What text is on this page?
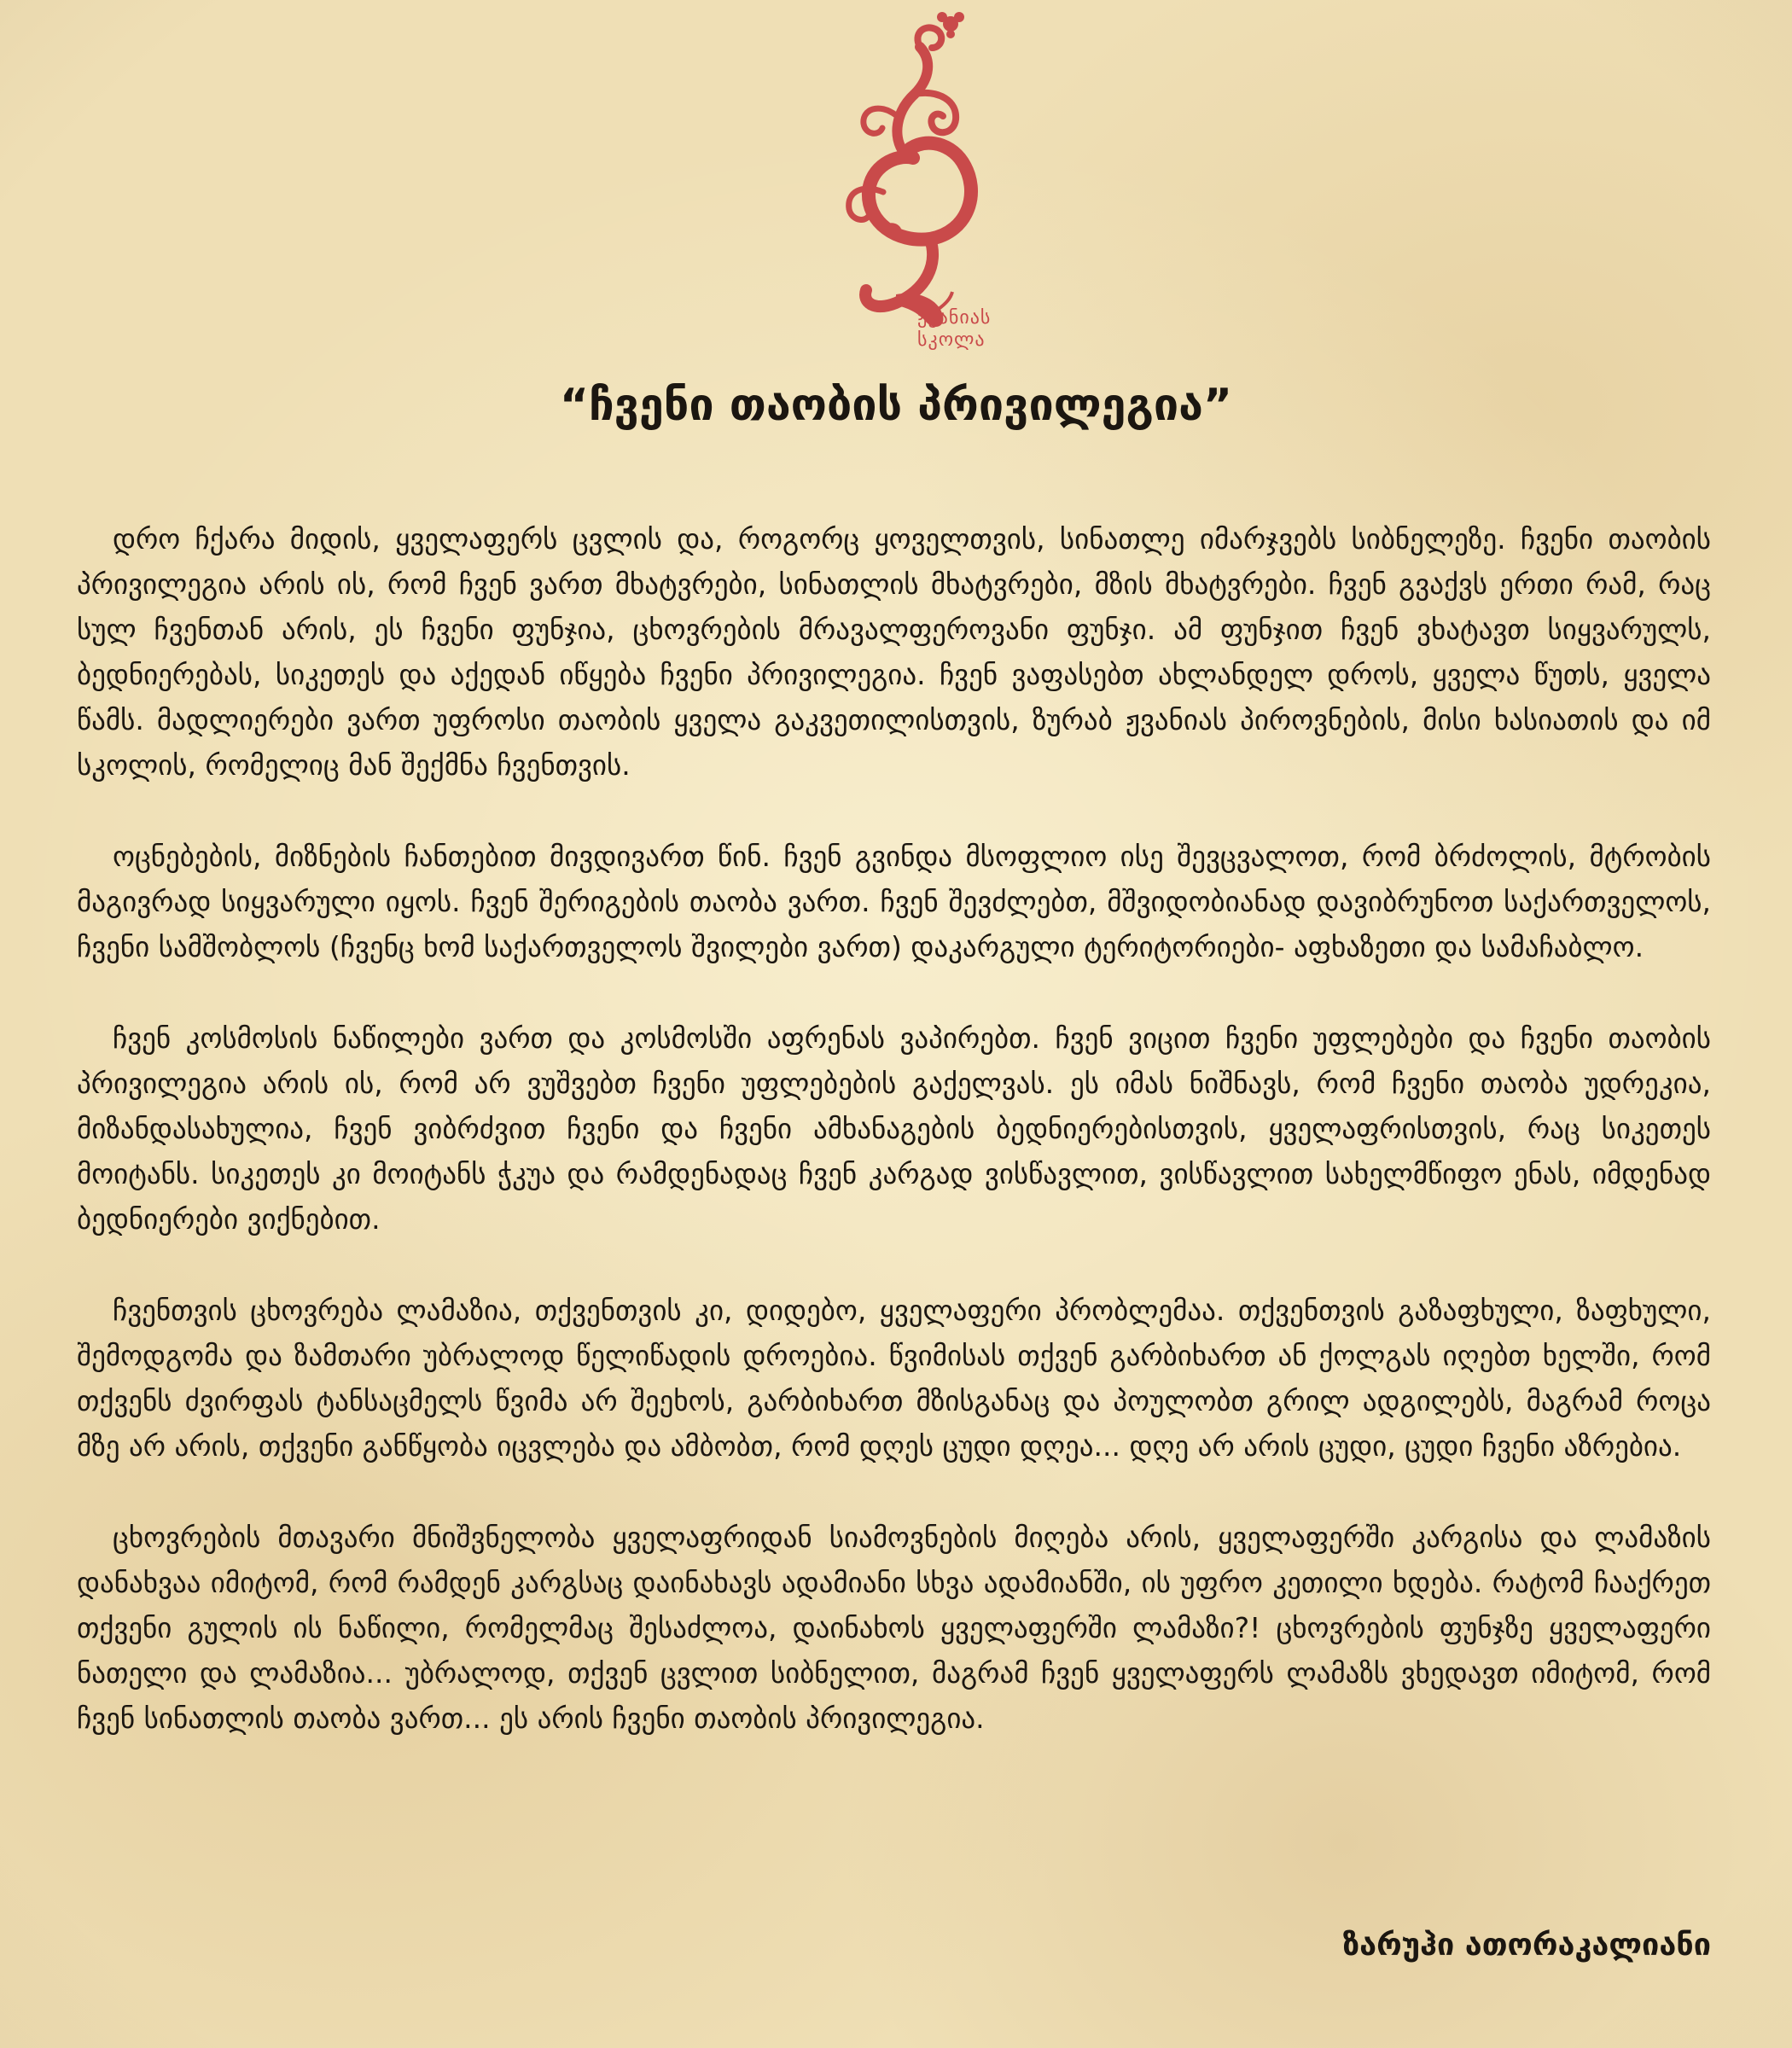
ჟვანიას
სკოლა
“ჩვენი თაობის პრივილეგია”

დრო ჩქარა მიდის, ყველაფერს ცვლის და, როგორც ყოველთვის, სინათლე იმარჯვებს სიბნელეზე. ჩვენი თაობის პრივილეგია არის ის, რომ ჩვენ ვართ მხატვრები, სინათლის მხატვრები, მზის მხატვრები. ჩვენ გვაქვს ერთი რამ, რაც სულ ჩვენთან არის, ეს ჩვენი ფუნჯია, ცხოვრების მრავალფეროვანი ფუნჯი. ამ ფუნჯით ჩვენ ვხატავთ სიყვარულს, ბედნიერებას, სიკეთეს და აქედან იწყება ჩვენი პრივილეგია. ჩვენ ვაფასებთ ახლანდელ დროს, ყველა წუთს, ყველა წამს. მადლიერები ვართ უფროსი თაობის ყველა გაკვეთილისთვის, ზურაბ ჟვანიას პიროვნების, მისი ხასიათის და იმ სკოლის, რომელიც მან შექმნა ჩვენთვის.

ოცნებების, მიზნების ჩანთებით მივდივართ წინ. ჩვენ გვინდა მსოფლიო ისე შევცვალოთ, რომ ბრძოლის, მტრობის მაგივრად სიყვარული იყოს. ჩვენ შერიგების თაობა ვართ. ჩვენ შევძლებთ, მშვიდობიანად დავიბრუნოთ საქართველოს, ჩვენი სამშობლოს (ჩვენც ხომ საქართველოს შვილები ვართ) დაკარგული ტერიტორიები- აფხაზეთი და სამაჩაბლო.

ჩვენ კოსმოსის ნაწილები ვართ და კოსმოსში აფრენას ვაპირებთ. ჩვენ ვიცით ჩვენი უფლებები და ჩვენი თაობის პრივილეგია არის ის, რომ არ ვუშვებთ ჩვენი უფლებების გაქელვას. ეს იმას ნიშნავს, რომ ჩვენი თაობა უდრეკია, მიზანდასახულია, ჩვენ ვიბრძვით ჩვენი და ჩვენი ამხანაგების ბედნიერებისთვის, ყველაფრისთვის, რაც სიკეთეს მოიტანს. სიკეთეს კი მოიტანს ჭკუა და რამდენადაც ჩვენ კარგად ვისწავლით, ვისწავლით სახელმწიფო ენას, იმდენად ბედნიერები ვიქნებით.

ჩვენთვის ცხოვრება ლამაზია, თქვენთვის კი, დიდებო, ყველაფერი პრობლემაა. თქვენთვის გაზაფხული, ზაფხული, შემოდგომა და ზამთარი უბრალოდ წელიწადის დროებია. წვიმისას თქვენ გარბიხართ ან ქოლგას იღებთ ხელში, რომ თქვენს ძვირფას ტანსაცმელს წვიმა არ შეეხოს, გარბიხართ მზისგანაც და პოულობთ გრილ ადგილებს, მაგრამ როცა მზე არ არის, თქვენი განწყობა იცვლება და ამბობთ, რომ დღეს ცუდი დღეა... დღე არ არის ცუდი, ცუდი ჩვენი აზრებია.

ცხოვრების მთავარი მნიშვნელობა ყველაფრიდან სიამოვნების მიღება არის, ყველაფერში კარგისა და ლამაზის დანახვაა იმიტომ, რომ რამდენ კარგსაც დაინახავს ადამიანი სხვა ადამიანში, ის უფრო კეთილი ხდება. რატომ ჩააქრეთ თქვენი გულის ის ნაწილი, რომელმაც შესაძლოა, დაინახოს ყველაფერში ლამაზი?! ცხოვრების ფუნჯზე ყველაფერი ნათელი და ლამაზია... უბრალოდ, თქვენ ცვლით სიბნელით, მაგრამ ჩვენ ყველაფერს ლამაზს ვხედავთ იმიტომ, რომ ჩვენ სინათლის თაობა ვართ... ეს არის ჩვენი თაობის პრივილეგია.

ზარუჰი ათორაკალიანი
